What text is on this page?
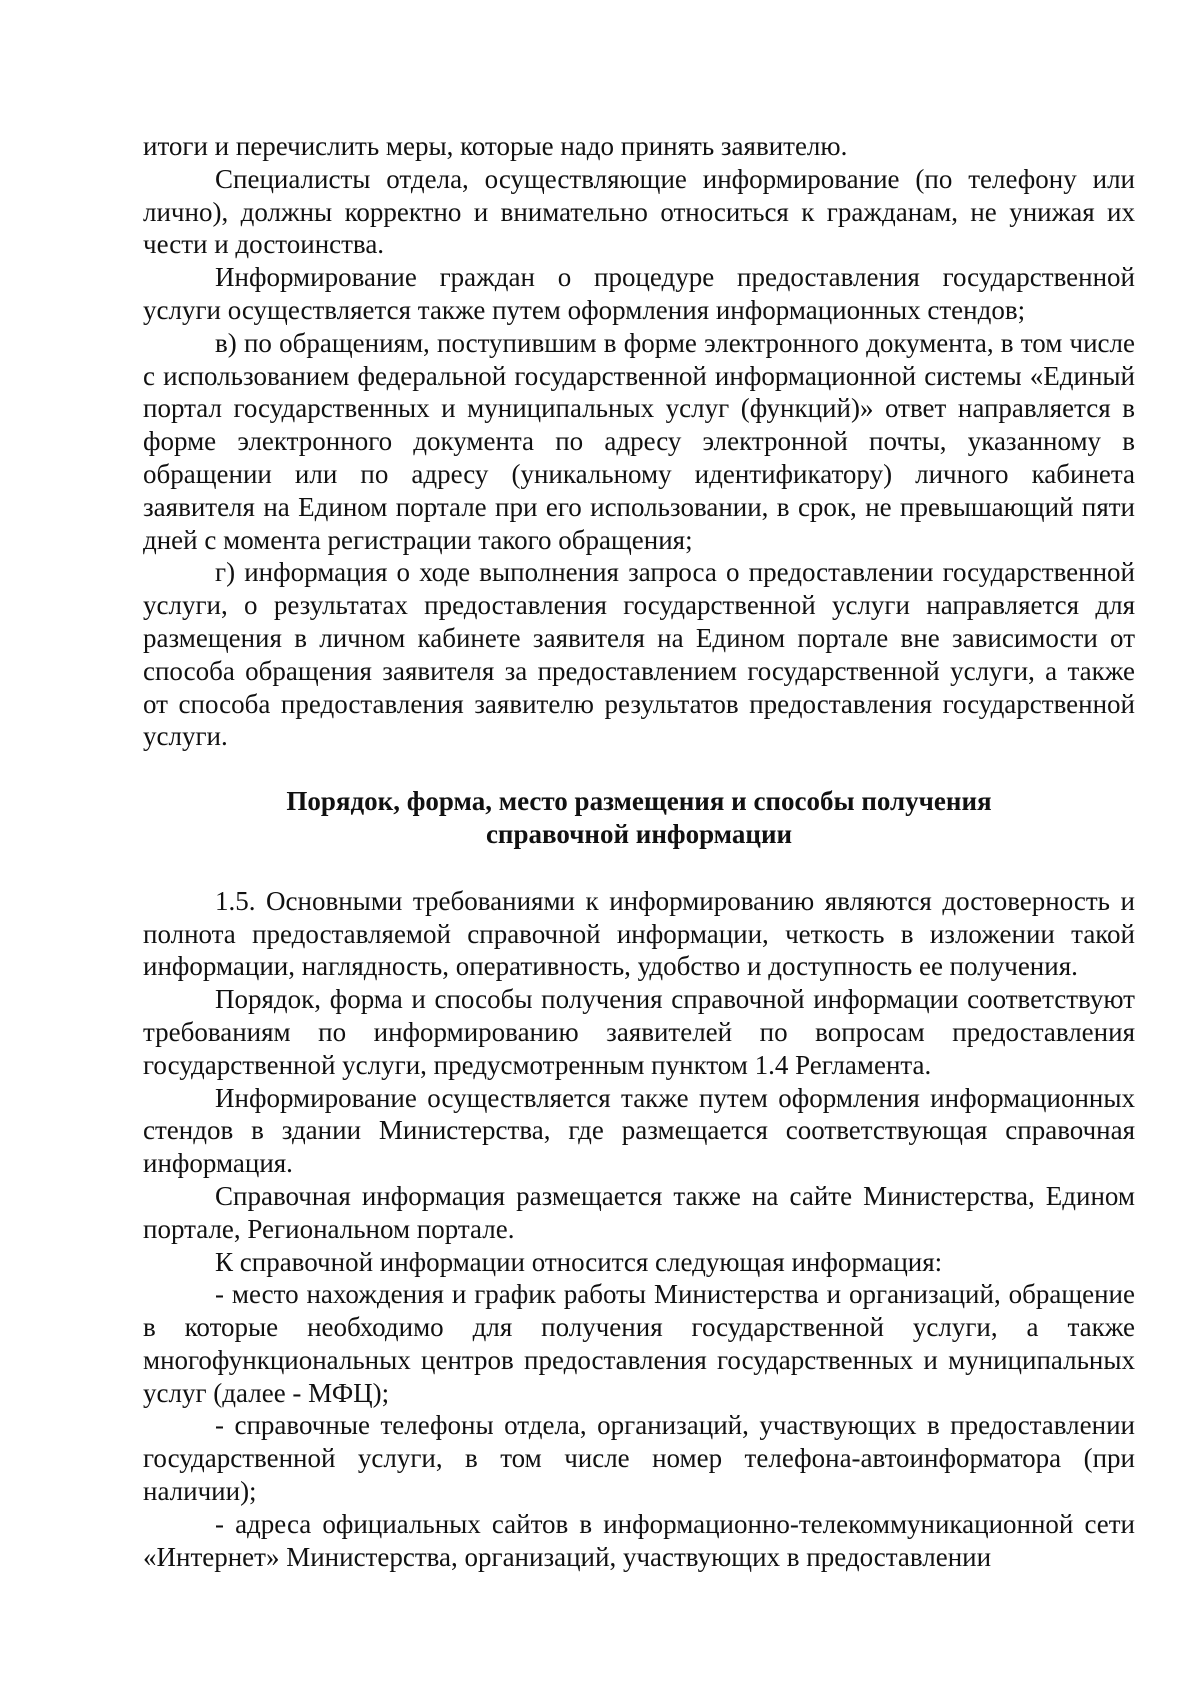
итоги и перечислить меры, которые надо принять заявителю.

Специалисты отдела, осуществляющие информирование (по телефону или лично), должны корректно и внимательно относиться к гражданам, не унижая их чести и достоинства.

Информирование граждан о процедуре предоставления государственной услуги осуществляется также путем оформления информационных стендов;

в) по обращениям, поступившим в форме электронного документа, в том числе с использованием федеральной государственной информационной системы «Единый портал государственных и муниципальных услуг (функций)» ответ направляется в форме электронного документа по адресу электронной почты, указанному в обращении или по адресу (уникальному идентификатору) личного кабинета заявителя на Едином портале при его использовании, в срок, не превышающий пяти дней с момента регистрации такого обращения;

г) информация о ходе выполнения запроса о предоставлении государственной услуги, о результатах предоставления государственной услуги направляется для размещения в личном кабинете заявителя на Едином портале вне зависимости от способа обращения заявителя за предоставлением государственной услуги, а также от способа предоставления заявителю результатов предоставления государственной услуги.

Порядок, форма, место размещения и способы получения
справочной информации

1.5. Основными требованиями к информированию являются достоверность и полнота предоставляемой справочной информации, четкость в изложении такой информации, наглядность, оперативность, удобство и доступность ее получения.

Порядок, форма и способы получения справочной информации соответствуют требованиям по информированию заявителей по вопросам предоставления государственной услуги, предусмотренным пунктом 1.4 Регламента.

Информирование осуществляется также путем оформления информационных стендов в здании Министерства, где размещается соответствующая справочная информация.

Справочная информация размещается также на сайте Министерства, Едином портале, Региональном портале.

К справочной информации относится следующая информация:

- место нахождения и график работы Министерства и организаций, обращение в которые необходимо для получения государственной услуги, а также многофункциональных центров предоставления государственных и муниципальных услуг (далее - МФЦ);

- справочные телефоны отдела, организаций, участвующих в предоставлении государственной услуги, в том числе номер телефона-автоинформатора (при наличии);

- адреса официальных сайтов в информационно-телекоммуникационной сети «Интернет» Министерства, организаций, участвующих в предоставлении
